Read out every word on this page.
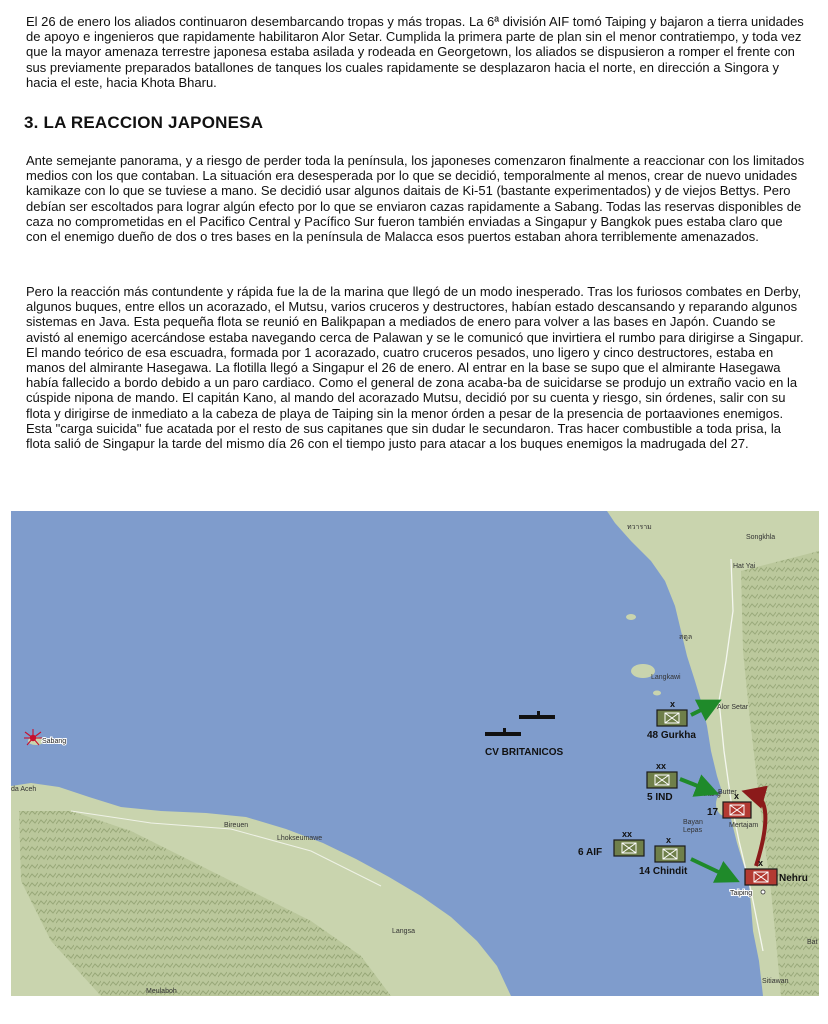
El 26 de enero los aliados continuaron desembarcando tropas y más tropas. La 6ª división AIF tomó Taiping y bajaron a tierra unidades de apoyo e ingenieros que rapidamente habilitaron Alor Setar. Cumplida la primera parte de plan sin el menor contratiempo, y toda vez que la mayor amenaza terrestre japonesa estaba asilada y rodeada en Georgetown, los aliados se dispusieron a romper el frente con sus previamente preparados batallones de tanques los cuales rapidamente se desplazaron hacia el norte, en dirección a Singora y hacia el este, hacia Khota Bharu.

3. LA REACCION JAPONESA

Ante semejante panorama, y a riesgo de perder toda la península, los japoneses comenzaron finalmente a reaccionar con los limitados medios con los que contaban. La situación era desesperada por lo que se decidió, temporalmente al menos, crear de nuevo unidades kamikaze con lo que se tuviese a mano. Se decidió usar algunos daitais de Ki-51 (bastante experimentados) y de viejos Bettys. Pero debían ser escoltados para lograr algún efecto por lo que se enviaron cazas rapidamente a Sabang. Todas las reservas disponibles de caza no comprometidas en el Pacifico Central y Pacífico Sur fueron también enviadas a Singapur y Bangkok pues estaba claro que con el enemigo dueño de dos o tres bases en la península de Malacca esos puertos estaban ahora terriblemente amenazados.

Pero la reacción más contundente y rápida fue la de la marina que llegó de un modo inesperado. Tras los furiosos combates en Derby, algunos buques, entre ellos un acorazado, el Mutsu, varios cruceros y destructores, habían estado descansando y reparando algunos sistemas en Java. Esta pequeña flota se reunió en Balikpapan a mediados de enero para volver a las bases en Japón. Cuando se avistó al enemigo acercándose estaba navegando cerca de Palawan y se le comunicó que invirtiera el rumbo para dirigirse a Singapur. El mando teórico de esa escuadra, formada por 1 acorazado, cuatro cruceros pesados, uno ligero y cinco destructores, estaba en manos del almirante Hasegawa. La flotilla llegó a Singapur el 26 de enero. Al entrar en la base se supo que el almirante Hasegawa había fallecido a bordo debido a un paro cardiaco. Como el general de zona acaba-ba de suicidarse se produjo un extraño vacio en la cúspide nipona de mando. El capitán Kano, al mando del acorazado Mutsu, decidió por su cuenta y riesgo, sin órdenes, salir con su flota y dirigirse de inmediato a la cabeza de playa de Taiping sin la menor órden a pesar de la presencia de portaaviones enemigos. Esta "carga suicida" fue acatada por el resto de sus capitanes que sin dudar le secundaron. Tras hacer combustible a toda prisa, la flota salió de Singapur la tarde del mismo día 26 con el tiempo justo para atacar a los buques enemigos la madrugada del 27.

Sabang
da Aceh
Bireuen
Lhokseumawe
Langsa
Meulaboh
Songkhla
Hat Yai
ทวาราม
สตูล
Langkawi
Alor Setar
Butter
Pinang
Bayan
Lepas
Mertajam
Taiping
Sitiawan
Bat
CV BRITANICOS
x
48 Gurkha
xx
5 IND	x
17
xx
6 AIF
x
14 Chindit
x
Nehru
